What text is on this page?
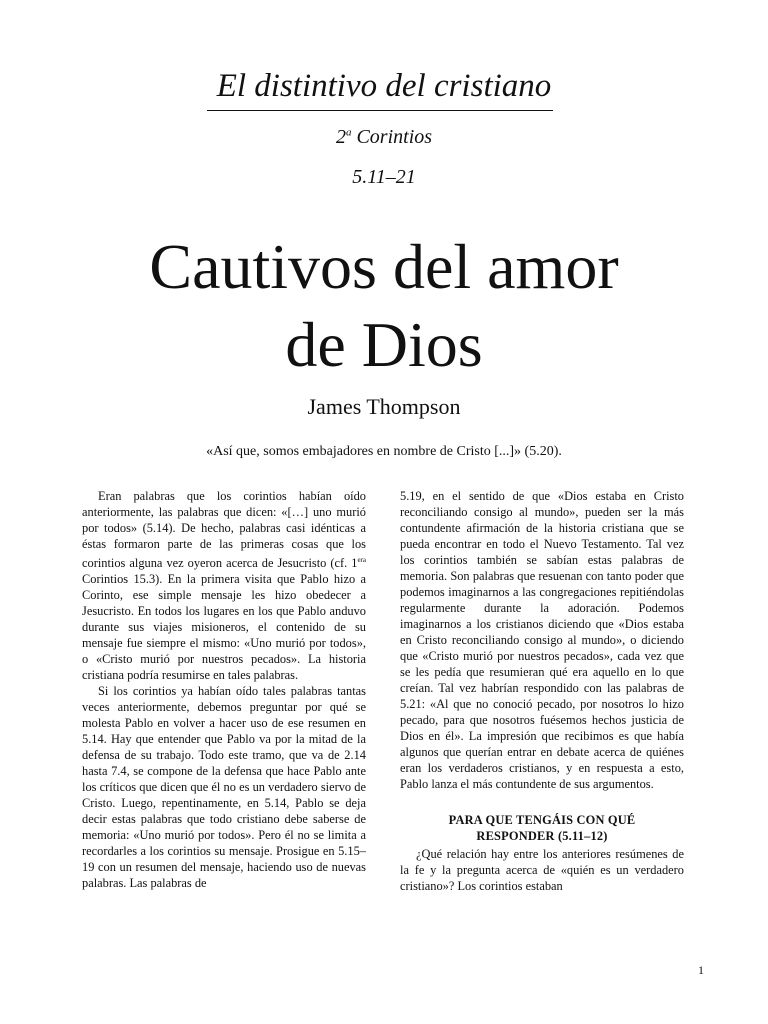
El distintivo del cristiano
2$^a$ Corintios
5.11–21
Cautivos del amor
de Dios
James Thompson
«Así que, somos embajadores en nombre de Cristo [...]» (5.20).

Eran palabras que los corintios habían oído anteriormente, las palabras que dicen: «[…] uno murió por todos» (5.14). De hecho, palabras casi idénticas a éstas formaron parte de las primeras cosas que los corintios alguna vez oyeron acerca de Jesucristo (cf. $1^{era}$ Corintios 15.3). En la primera visita que Pablo hizo a Corinto, ese simple mensaje les hizo obedecer a Jesucristo. En todos los lugares en los que Pablo anduvo durante sus viajes misioneros, el contenido de su mensaje fue siempre el mismo: «Uno murió por todos», o «Cristo murió por nuestros pecados». La historia cristiana podría resumirse en tales palabras.

Si los corintios ya habían oído tales palabras tantas veces anteriormente, debemos preguntar por qué se molesta Pablo en volver a hacer uso de ese resumen en 5.14. Hay que entender que Pablo va por la mitad de la defensa de su trabajo. Todo este tramo, que va de 2.14 hasta 7.4, se compone de la defensa que hace Pablo ante los críticos que dicen que él no es un verdadero siervo de Cristo. Luego, repentinamente, en 5.14, Pablo se deja decir estas palabras que todo cristiano debe saberse de memoria: «Uno murió por todos». Pero él no se limita a recordarles a los corintios su mensaje. Prosigue en 5.15–19 con un resumen del mensaje, haciendo uso de nuevas palabras. Las palabras de

5.19, en el sentido de que «Dios estaba en Cristo reconciliando consigo al mundo», pueden ser la más contundente afirmación de la historia cristiana que se pueda encontrar en todo el Nuevo Testamento. Tal vez los corintios también se sabían estas palabras de memoria. Son palabras que resuenan con tanto poder que podemos imaginarnos a las congregaciones repitiéndolas regularmente durante la adoración. Podemos imaginarnos a los cristianos diciendo que «Dios estaba en Cristo reconciliando consigo al mundo», o diciendo que «Cristo murió por nuestros pecados», cada vez que se les pedía que resumieran qué era aquello en lo que creían. Tal vez habrían respondido con las palabras de 5.21: «Al que no conoció pecado, por nosotros lo hizo pecado, para que nosotros fuésemos hechos justicia de Dios en él». La impresión que recibimos es que había algunos que querían entrar en debate acerca de quiénes eran los verdaderos cristianos, y en respuesta a esto, Pablo lanza el más contundente de sus argumentos.

PARA QUE TENGÁIS CON QUÉ
RESPONDER (5.11–12)

¿Qué relación hay entre los anteriores resúmenes de la fe y la pregunta acerca de «quién es un verdadero cristiano»? Los corintios estaban

1
